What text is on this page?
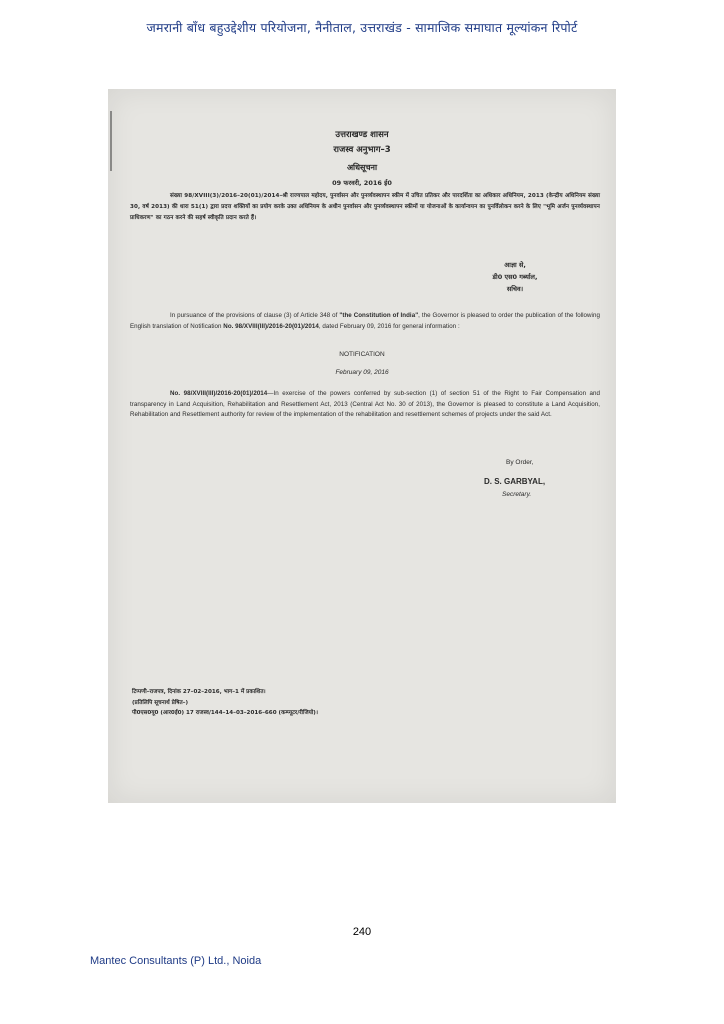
जमरानी बाँध बहुउद्देशीय परियोजना, नैनीताल, उत्तराखंड - सामाजिक समाघात मूल्यांकन रिपोर्ट
उत्तराखण्ड शासन
राजस्व अनुभाग–3
अधिसूचना
09 फरवरी, 2016 ई0
संख्या 98/XVIII(3)/2016–20(01)/2014–श्री राज्यपाल महोदय, पुनर्वासन और पुनर्व्यवस्थापन स्कीम में उचित प्रतिकर और पारदर्शिता का अधिकार अधिनियम, 2013 (केन्द्रीय अधिनियम संख्या 30, वर्ष 2013) की धारा 51(1) द्वारा प्रदत्त शक्तियों का प्रयोग करके उक्त अधिनियम के अधीन पुनर्वासन और पुनर्व्यवस्थापन स्कीमों या योजनाओं के कार्यान्वयन का पुनर्विलोकन करने के लिए "भूमि अर्जन पुनर्व्यवस्थापन प्राधिकरण" का गठन करने की सहर्ष स्वीकृति प्रदान करते हैं।
आज्ञा से,
डी0 एस0 गर्ब्याल,
सचिव।
In pursuance of the provisions of clause (3) of Article 348 of "the Constitution of India", the Governor is pleased to order the publication of the following English translation of Notification No. 98/XVIII(III)/2016-20(01)/2014, dated February 09, 2016 for general information :
NOTIFICATION
February 09, 2016
No. 98/XVIII(III)/2016-20(01)/2014—In exercise of the powers conferred by sub-section (1) of section 51 of the Right to Fair Compensation and transparency in Land Acquisition, Rehabilitation and Resettlement Act, 2013 (Central Act No. 30 of 2013), the Governor is pleased to constitute a Land Acquisition, Rehabilitation and Resettlement authority for review of the implementation of the rehabilitation and resettlement schemes of projects under the said Act.
By Order,
D. S. GARBYAL,
Secretary.
टिप्पणी–राजपत्र, दिनांक 27–02–2016, भाग–1 में प्रकाशित।
(प्रतिलिपि सूचनार्थ प्रेषित–)
पी0एस0यू0 (आर0ई0) 17 राजस्व/144–14–03–2016–660 (कम्प्यूटर/रीजियो)।
240
Mantec Consultants (P) Ltd., Noida
